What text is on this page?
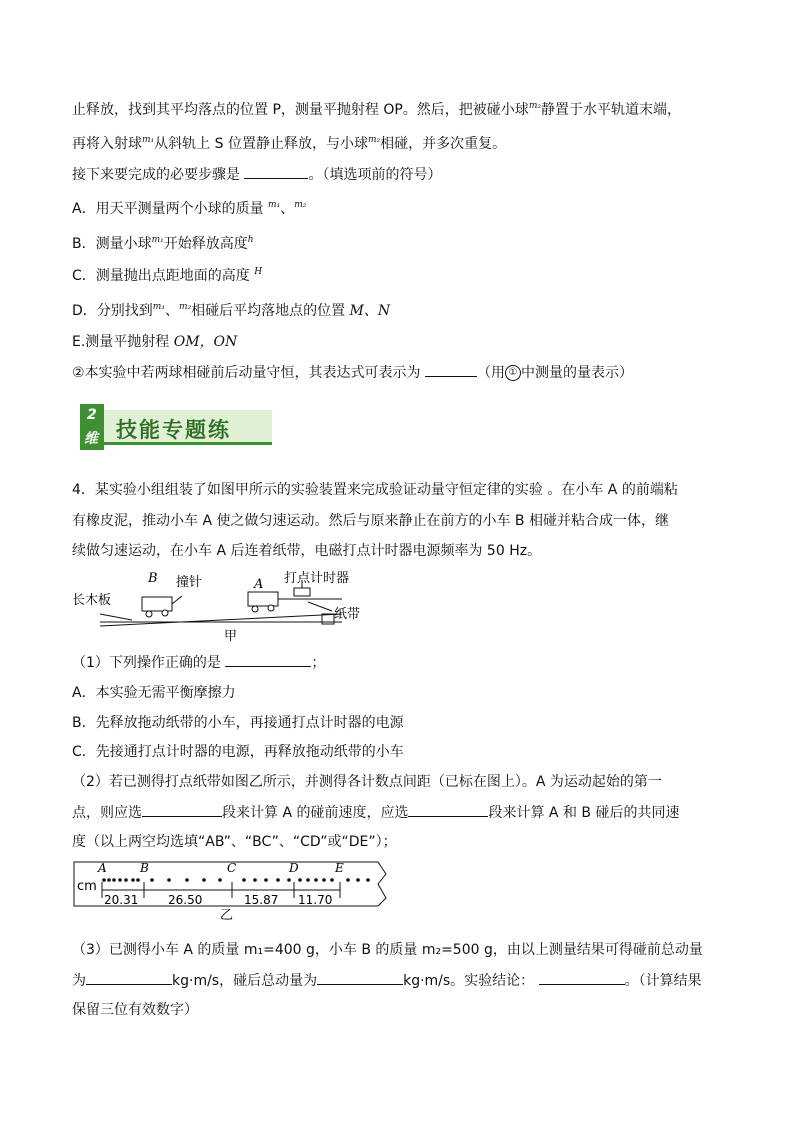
止释放，找到其平均落点的位置 P，测量平抛射程 OP。然后，把被碰小球$^{m_2}$静置于水平轨道末端，
再将入射球$^{m_1}$从斜轨上 S 位置静止释放，与小球$^{m_2}$相碰，并多次重复。
接下来要完成的必要步骤是	。（填选项前的符号）
A．用天平测量两个小球的质量 $^{m_1}$、$^{m_2}$
B．测量小球$^{m_1}$开始释放高度$^h$
C．测量抛出点距地面的高度 $^H$
D．分别找到$^{m_1}$、$^{m_2}$相碰后平均落地点的位置 M、N
E.测量平抛射程 OM，ON
②本实验中若两球相碰前后动量守恒，其表达式可表示为	（用 ① 中测量的量表示）
2
维 技能专题练
4．某实验小组组装了如图甲所示的实验装置来完成验证动量守恒定律的实验 。在小车 A 的前端粘
有橡皮泥，推动小车 A 使之做匀速运动。然后与原来静止在前方的小车 B 相碰并粘合成一体，继
续做匀速运动，在小车 A 后连着纸带，电磁打点计时器电源频率为 50 Hz。
B 撞针	A 打点计时器
长木板
纸带
甲
（1）下列操作正确的是	；
A．本实验无需平衡摩擦力
B．先释放拖动纸带的小车，再接通打点计时器的电源
C．先接通打点计时器的电源，再释放拖动纸带的小车
（2）若已测得打点纸带如图乙所示，并测得各计数点间距（已标在图上）。A 为运动起始的第一
点，则应选	段来计算 A 的碰前速度，应选	段来计算 A 和 B 碰后的共同速
度（以上两空均选填“AB”、“BC”、“CD”或“DE”）；
cm
A	B	C	D	E
20.31 26.50	15.87 11.70
乙
（3）已测得小车 A 的质量 m₁=400 g，小车 B 的质量 m₂=500 g，由以上测量结果可得碰前总动量
为	kg·m/s，碰后总动量为	kg·m/s。实验结论：	。（计算结果
保留三位有效数字）
